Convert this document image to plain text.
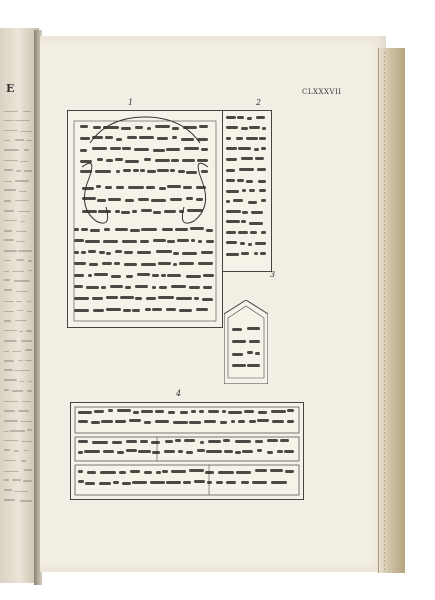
E	CLXXXVII
1	2
3
4
